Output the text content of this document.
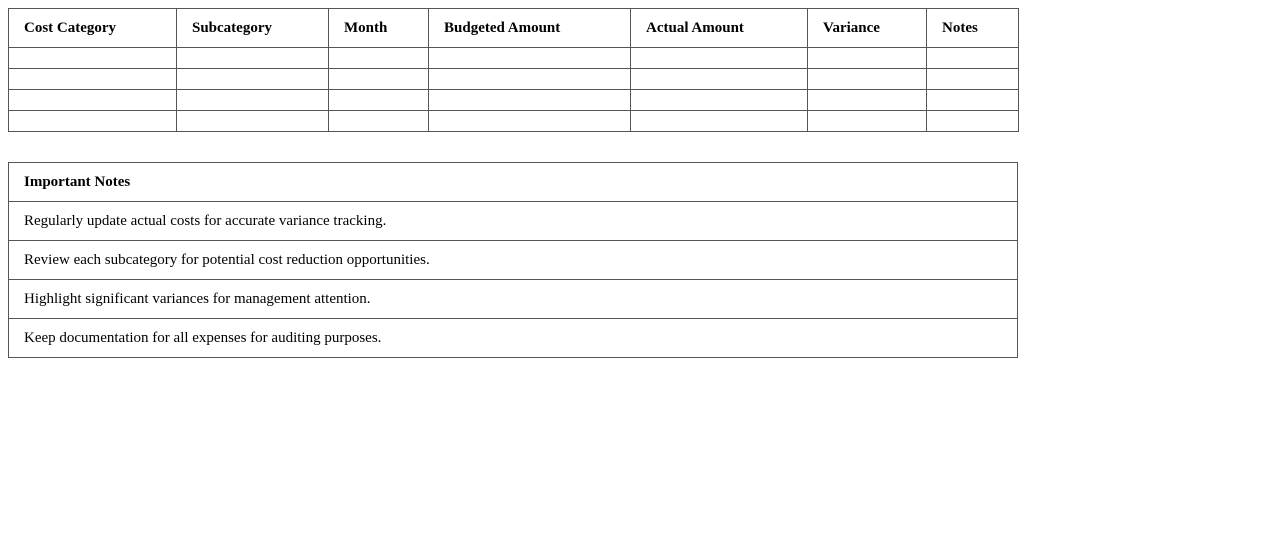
Cost Category	Subcategory	Month	Budgeted Amount	Actual Amount	Variance	Notes

Important Notes
Regularly update actual costs for accurate variance tracking.
Review each subcategory for potential cost reduction opportunities.
Highlight significant variances for management attention.
Keep documentation for all expenses for auditing purposes.
